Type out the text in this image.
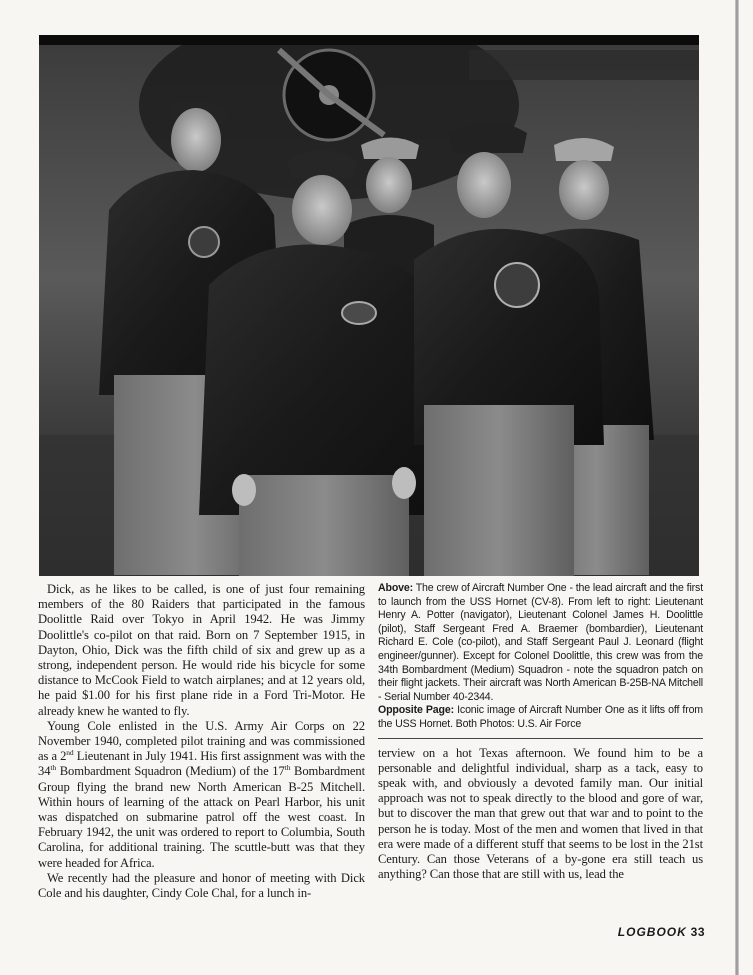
Dick, as he likes to be called, is one of just four remaining members of the 80 Raiders that participated in the famous Doolittle Raid over Tokyo in April 1942. He was Jimmy Doolittle's co-pilot on that raid. Born on 7 September 1915, in Dayton, Ohio, Dick was the fifth child of six and grew up as a strong, independent person. He would ride his bicycle for some distance to McCook Field to watch airplanes; and at 12 years old, he paid $1.00 for his first plane ride in a Ford Tri-Motor. He already knew he wanted to fly.

Young Cole enlisted in the U.S. Army Air Corps on 22 November 1940, completed pilot training and was commissioned as a 2nd Lieutenant in July 1941. His first assignment was with the 34th Bombardment Squadron (Medium) of the 17th Bombardment Group flying the brand new North American B-25 Mitchell. Within hours of learning of the attack on Pearl Harbor, his unit was dispatched on submarine patrol off the west coast. In February 1942, the unit was ordered to report to Columbia, South Carolina, for additional training. The scuttle-butt was that they were headed for Africa.

We recently had the pleasure and honor of meeting with Dick Cole and his daughter, Cindy Cole Chal, for a lunch in-

Above: The crew of Aircraft Number One - the lead aircraft and the first to launch from the USS Hornet (CV-8). From left to right: Lieutenant Henry A. Potter (navigator), Lieutenant Colonel James H. Doolittle (pilot), Staff Sergeant Fred A. Braemer (bombardier), Lieutenant Richard E. Cole (co-pilot), and Staff Sergeant Paul J. Leonard (flight engineer/gunner). Except for Colonel Doolittle, this crew was from the 34th Bombardment (Medium) Squadron - note the squadron patch on their flight jackets. Their aircraft was North American B-25B-NA Mitchell - Serial Number 40-2344.

Opposite Page: Iconic image of Aircraft Number One as it lifts off from the USS Hornet. Both Photos: U.S. Air Force

terview on a hot Texas afternoon. We found him to be a personable and delightful individual, sharp as a tack, easy to speak with, and obviously a devoted family man. Our initial approach was not to speak directly to the blood and gore of war, but to discover the man that grew out that war and to point to the person he is today. Most of the men and women that lived in that era were made of a different stuff that seems to be lost in the 21st Century. Can those Veterans of a by-gone era still teach us anything? Can those that are still with us, lead the

LOGBOOK 33
